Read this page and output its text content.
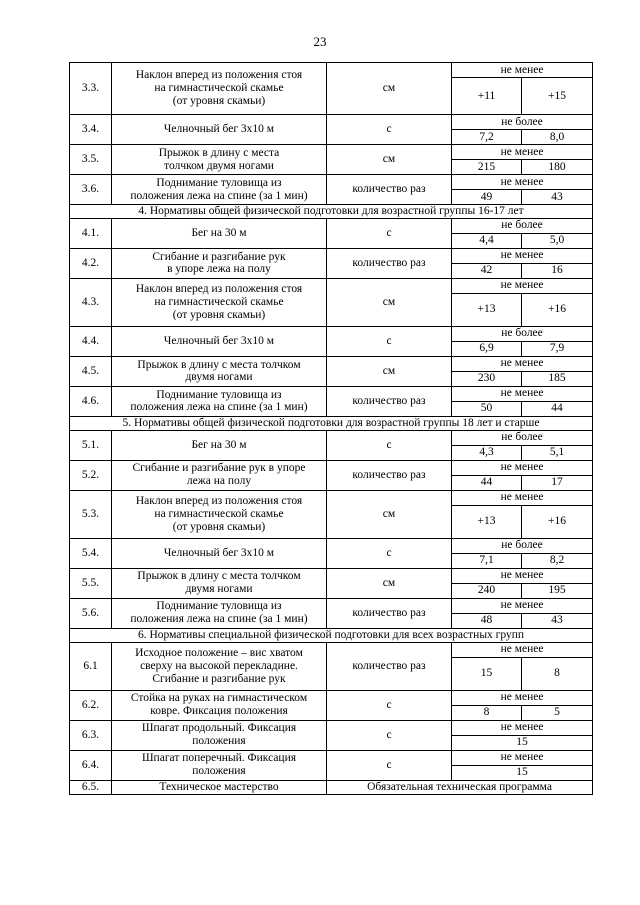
23
3.3.	Наклон вперед из положения стоя
на гимнастической скамье
(от уровня скамьи)	см	не менее	
			+11	+15
3.4.	Челночный бег 3х10 м	с	не более	
			7,2	8,0
3.5.	Прыжок в длину с места
толчком двумя ногами	см	не менее	
			215	180
3.6.	Поднимание туловища из
положения лежа на спине (за 1 мин)	количество раз	не менее	
			49	43
4. Нормативы общей физической подготовки для возрастной группы 16-17 лет				
4.1.	Бег на 30 м	с	не более	
			4,4	5,0
4.2.	Сгибание и разгибание рук
в упоре лежа на полу	количество раз	не менее	
			42	16
4.3.	Наклон вперед из положения стоя
на гимнастической скамье
(от уровня скамьи)	см	не менее	
			+13	+16
4.4.	Челночный бег 3х10 м	с	не более	
			6,9	7,9
4.5.	Прыжок в длину с места толчком
двумя ногами	см	не менее	
			230	185
4.6.	Поднимание туловища из
положения лежа на спине (за 1 мин)	количество раз	не менее	
			50	44
5. Нормативы общей физической подготовки для возрастной группы 18 лет и старше				
5.1.	Бег на 30 м	с	не более	
			4,3	5,1
5.2.	Сгибание и разгибание рук в упоре
лежа на полу	количество раз	не менее	
			44	17
5.3.	Наклон вперед из положения стоя
на гимнастической скамье
(от уровня скамьи)	см	не менее	
			+13	+16
5.4.	Челночный бег 3х10 м	с	не более	
			7,1	8,2
5.5.	Прыжок в длину с места толчком
двумя ногами	см	не менее	
			240	195
5.6.	Поднимание туловища из
положения лежа на спине (за 1 мин)	количество раз	не менее	
			48	43
6. Нормативы специальной физической подготовки для всех возрастных групп				
6.1	Исходное положение – вис хватом
сверху на высокой перекладине.
Сгибание и разгибание рук	количество раз	не менее	
			15	8
6.2.	Стойка на руках на гимнастическом
ковре. Фиксация положения	с	не менее	
			8	5
6.3.	Шпагат продольный. Фиксация
положения	с	не менее	
			15	
6.4.	Шпагат поперечный. Фиксация
положения	с	не менее	
			15	
6.5.	Техническое мастерство	Обязательная техническая программа		
